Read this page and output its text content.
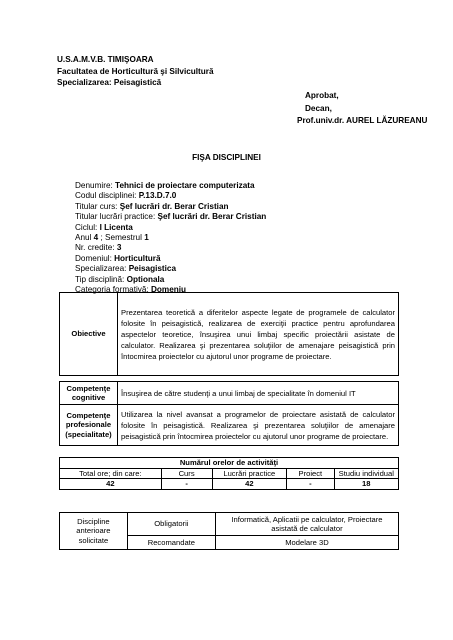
U.S.A.M.V.B. TIMIŞOARA
Facultatea de Horticultură şi Silvicultură
Specializarea: Peisagistică
Aprobat,
Decan,
Prof.univ.dr. AUREL LĂZUREANU
FIŞA DISCIPLINEI
Denumire: Tehnici de proiectare computerizata
Codul disciplinei: P.13.D.7.0
Titular curs: Şef lucrări dr. Berar Cristian
Titular lucrări practice: Şef lucrări dr. Berar Cristian
Ciclul: I Licenta
Anul 4 ; Semestrul 1
Nr. credite: 3
Domeniul: Horticultură
Specializarea: Peisagistica
Tip disciplină: Optionala
Categoria formativă: Domeniu
Obiective	Prezentarea teoretică a diferitelor aspecte legate de programele de calculator folosite în peisagistică, realizarea de exerciţii practice pentru aprofundarea aspectelor teoretice, însuşirea unui limbaj specific proiectării asistate de calculator. Realizarea şi prezentarea soluţiilor de amenajare peisagistică prin întocmirea proiectelor cu ajutorul unor programe de proiectare.

Competenţe cognitive	Însuşirea de către studenţi a unui limbaj de specialitate în domeniul IT
Competenţe profesionale (specialitate)	Utilizarea la nivel avansat a programelor de proiectare asistată de calculator folosite în peisagistică. Realizarea şi prezentarea soluţiilor de amenajare peisagistică prin întocmirea proiectelor cu ajutorul unor programe de proiectare.
Numărul orelor de activităţi				
Total ore; din care:	Curs	Lucrări practice	Proiect	Studiu individual
42	-	42	-	18
Discipline anterioare solicitate	Obligatorii	Informatică, Aplicatii pe calculator, Proiectare asistată de calculator
	Recomandate	Modelare 3D
